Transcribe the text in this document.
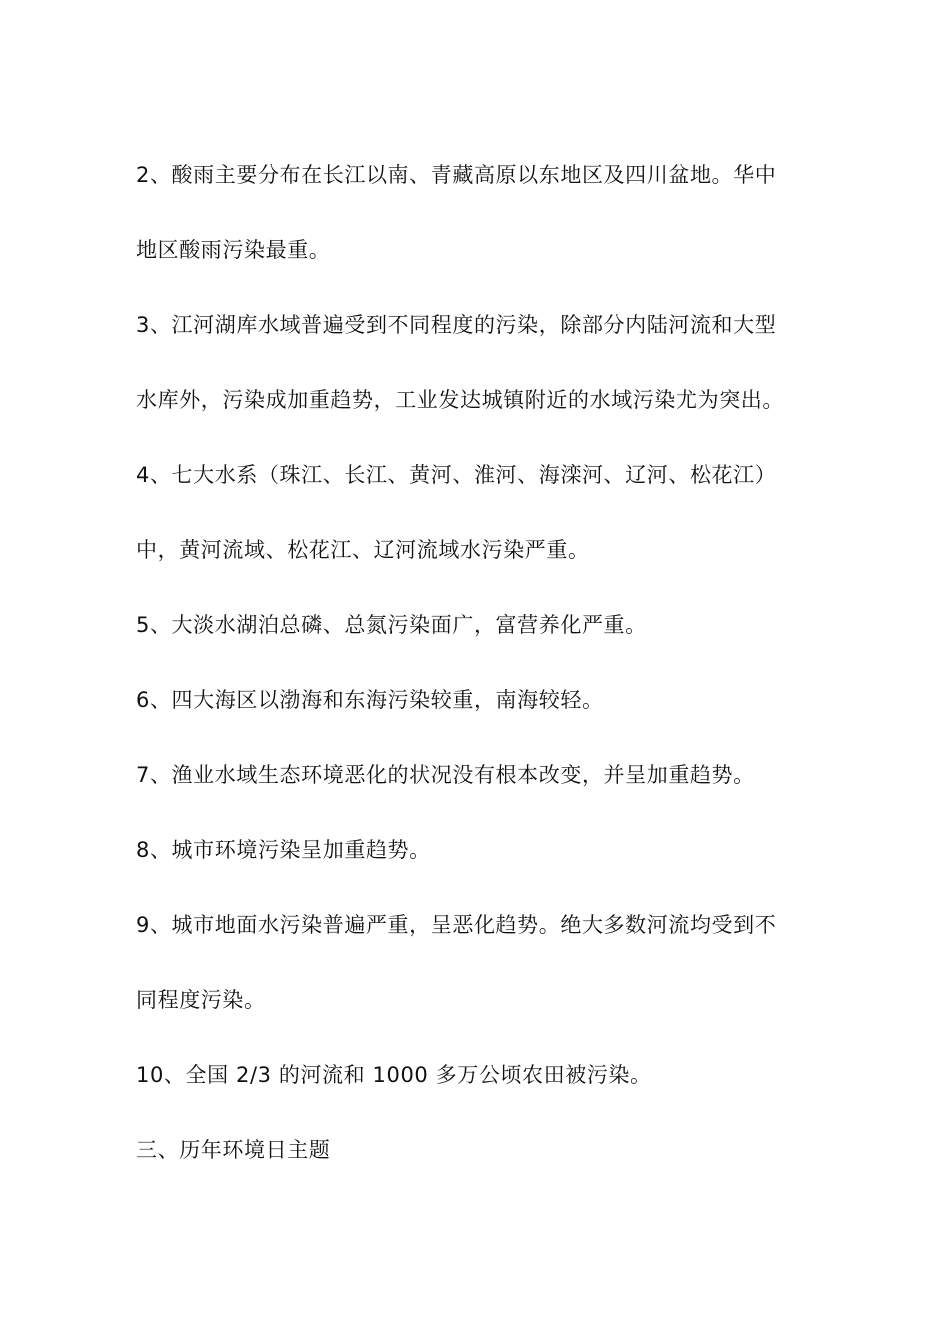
2、酸雨主要分布在长江以南、青藏高原以东地区及四川盆地。华中
地区酸雨污染最重。
3、江河湖库水域普遍受到不同程度的污染，除部分内陆河流和大型
水库外，污染成加重趋势，工业发达城镇附近的水域污染尤为突出。
4、七大水系（珠江、长江、黄河、淮河、海滦河、辽河、松花江）
中，黄河流域、松花江、辽河流域水污染严重。
5、大淡水湖泊总磷、总氮污染面广，富营养化严重。
6、四大海区以渤海和东海污染较重，南海较轻。
7、渔业水域生态环境恶化的状况没有根本改变，并呈加重趋势。
8、城市环境污染呈加重趋势。
9、城市地面水污染普遍严重，呈恶化趋势。绝大多数河流均受到不
同程度污染。
10、全国 2/3 的河流和 1000 多万公顷农田被污染。
三、历年环境日主题
